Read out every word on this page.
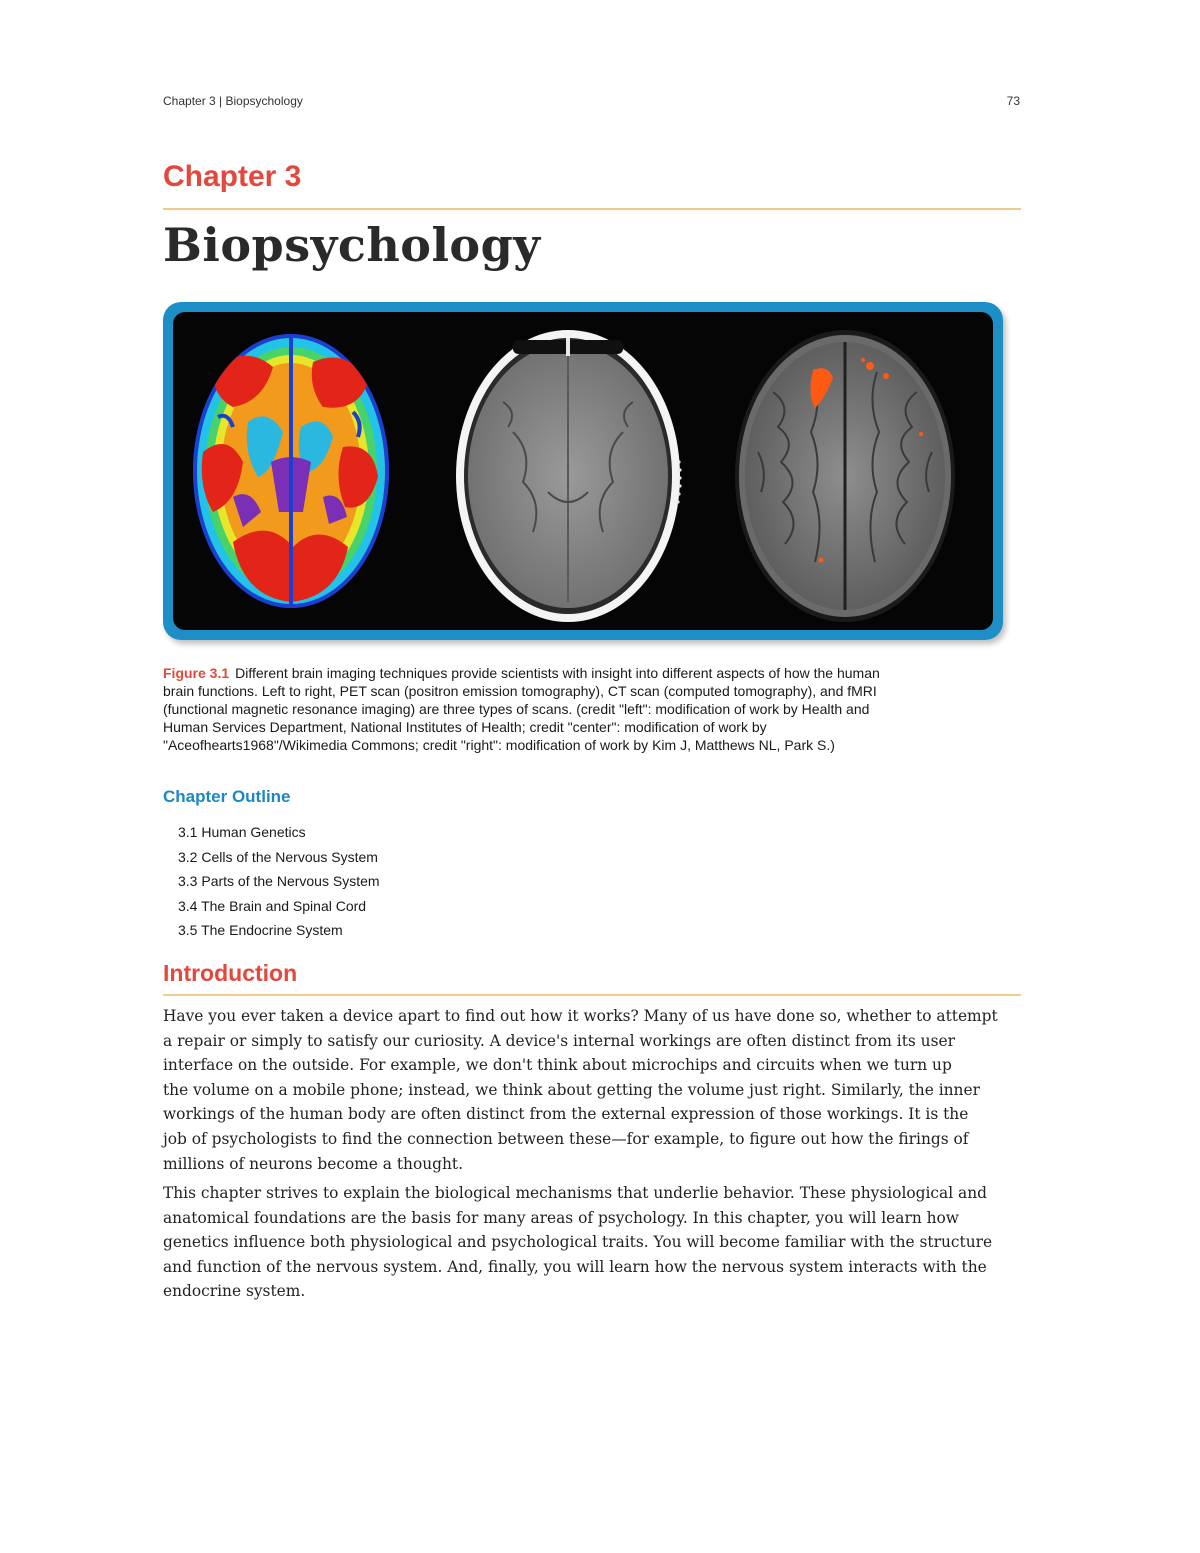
Chapter 3 | Biopsychology	73
Chapter 3
Biopsychology
Figure 3.1 Different brain imaging techniques provide scientists with insight into different aspects of how the human
brain functions. Left to right, PET scan (positron emission tomography), CT scan (computed tomography), and fMRI
(functional magnetic resonance imaging) are three types of scans. (credit "left": modification of work by Health and
Human Services Department, National Institutes of Health; credit "center": modification of work by
"Aceofhearts1968"/Wikimedia Commons; credit "right": modification of work by Kim J, Matthews NL, Park S.)
Chapter Outline
3.1 Human Genetics
3.2 Cells of the Nervous System
3.3 Parts of the Nervous System
3.4 The Brain and Spinal Cord
3.5 The Endocrine System
Introduction
Have you ever taken a device apart to find out how it works? Many of us have done so, whether to attempt
a repair or simply to satisfy our curiosity. A device's internal workings are often distinct from its user
interface on the outside. For example, we don't think about microchips and circuits when we turn up
the volume on a mobile phone; instead, we think about getting the volume just right. Similarly, the inner
workings of the human body are often distinct from the external expression of those workings. It is the
job of psychologists to find the connection between these—for example, to figure out how the firings of
millions of neurons become a thought.
This chapter strives to explain the biological mechanisms that underlie behavior. These physiological and
anatomical foundations are the basis for many areas of psychology. In this chapter, you will learn how
genetics influence both physiological and psychological traits. You will become familiar with the structure
and function of the nervous system. And, finally, you will learn how the nervous system interacts with the
endocrine system.
